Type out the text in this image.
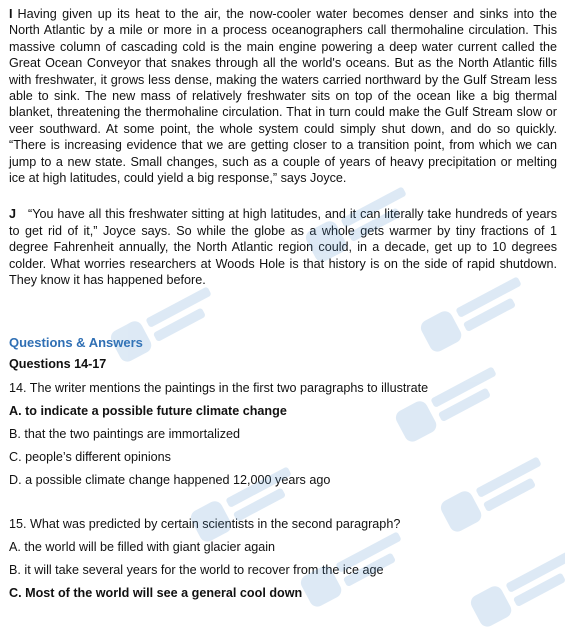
I Having given up its heat to the air, the now-cooler water becomes denser and sinks into the North Atlantic by a mile or more in a process oceanographers call thermohaline circulation. This massive column of cascading cold is the main engine powering a deep water current called the Great Ocean Conveyor that snakes through all the world's oceans. But as the North Atlantic fills with freshwater, it grows less dense, making the waters carried northward by the Gulf Stream less able to sink. The new mass of relatively freshwater sits on top of the ocean like a big thermal blanket, threatening the thermohaline circulation. That in turn could make the Gulf Stream slow or veer southward. At some point, the whole system could simply shut down, and do so quickly. “There is increasing evidence that we are getting closer to a transition point, from which we can jump to a new state. Small changes, such as a couple of years of heavy precipitation or melting ice at high latitudes, could yield a big response,” says Joyce.

J “You have all this freshwater sitting at high latitudes, and it can literally take hundreds of years to get rid of it,” Joyce says. So while the globe as a whole gets warmer by tiny fractions of 1 degree Fahrenheit annually, the North Atlantic region could, in a decade, get up to 10 degrees colder. What worries researchers at Woods Hole is that history is on the side of rapid shutdown. They know it has happened before.

Questions & Answers
Questions 14-17
14. The writer mentions the paintings in the first two paragraphs to illustrate
A. to indicate a possible future climate change
B. that the two paintings are immortalized
C. people’s different opinions
D. a possible climate change happened 12,000 years ago
15. What was predicted by certain scientists in the second paragraph?
A. the world will be filled with giant glacier again
B. it will take several years for the world to recover from the ice age
C. Most of the world will see a general cool down
